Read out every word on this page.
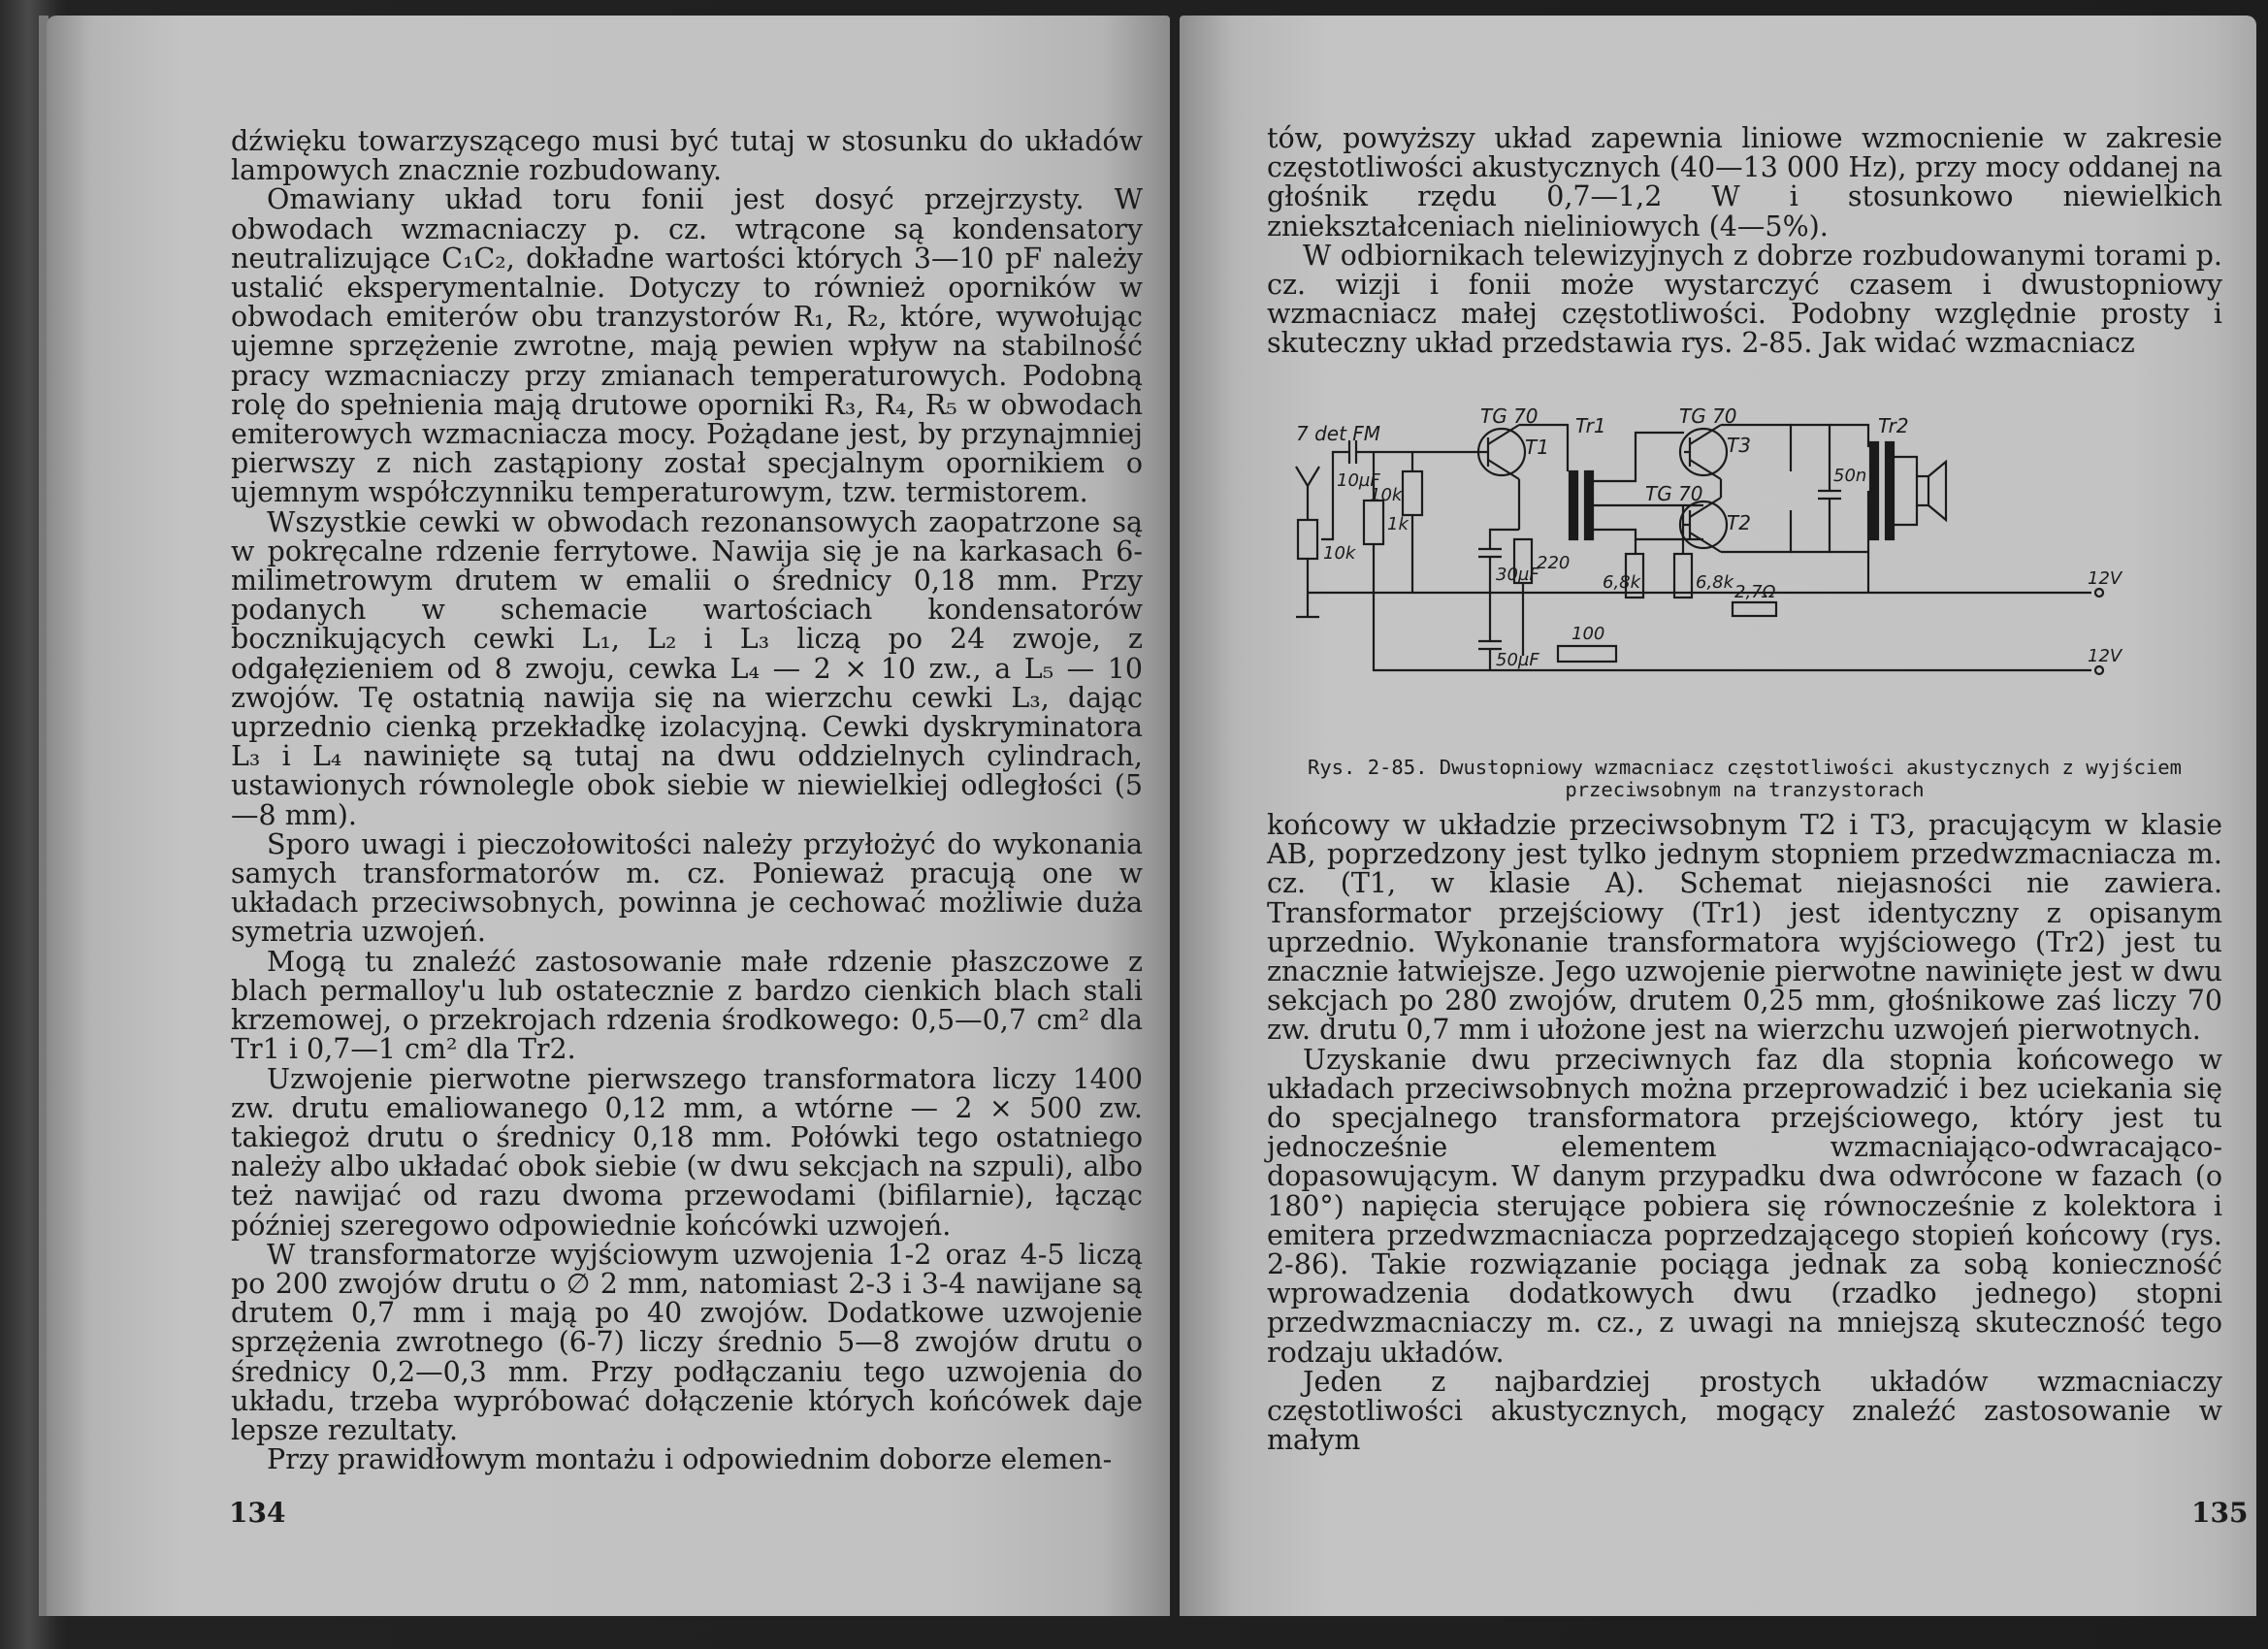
dźwięku towarzyszącego musi być tutaj w stosunku do układów lampowych znacznie rozbudowany.

Omawiany układ toru fonii jest dosyć przejrzysty. W obwodach wzmacniaczy p. cz. wtrącone są kondensatory neutralizujące C₁C₂, dokładne wartości których 3—10 pF należy ustalić eksperymentalnie. Dotyczy to również oporników w obwodach emiterów obu tranzystorów R₁, R₂, które, wywołując ujemne sprzężenie zwrotne, mają pewien wpływ na stabilność pracy wzmacniaczy przy zmianach temperaturowych. Podobną rolę do spełnienia mają drutowe oporniki R₃, R₄, R₅ w obwodach emiterowych wzmacniacza mocy. Pożądane jest, by przynajmniej pierwszy z nich zastąpiony został specjalnym opornikiem o ujemnym współczynniku temperaturowym, tzw. termistorem.

Wszystkie cewki w obwodach rezonansowych zaopatrzone są w pokręcalne rdzenie ferrytowe. Nawija się je na karkasach 6-milimetrowym drutem w emalii o średnicy 0,18 mm. Przy podanych w schemacie wartościach kondensatorów bocznikujących cewki L₁, L₂ i L₃ liczą po 24 zwoje, z odgałęzieniem od 8 zwoju, cewka L₄ — 2 × 10 zw., a L₅ — 10 zwojów. Tę ostatnią nawija się na wierzchu cewki L₃, dając uprzednio cienką przekładkę izolacyjną. Cewki dyskryminatora L₃ i L₄ nawinięte są tutaj na dwu oddzielnych cylindrach, ustawionych równolegle obok siebie w niewielkiej odległości (5—8 mm).

Sporo uwagi i pieczołowitości należy przyłożyć do wykonania samych transformatorów m. cz. Ponieważ pracują one w układach przeciwsobnych, powinna je cechować możliwie duża symetria uzwojeń.

Mogą tu znaleźć zastosowanie małe rdzenie płaszczowe z blach permalloy'u lub ostatecznie z bardzo cienkich blach stali krzemowej, o przekrojach rdzenia środkowego: 0,5—0,7 cm² dla Tr1 i 0,7—1 cm² dla Tr2.

Uzwojenie pierwotne pierwszego transformatora liczy 1400 zw. drutu emaliowanego 0,12 mm, a wtórne — 2 × 500 zw. takiegoż drutu o średnicy 0,18 mm. Połówki tego ostatniego należy albo układać obok siebie (w dwu sekcjach na szpuli), albo też nawijać od razu dwoma przewodami (bifilarnie), łącząc później szeregowo odpowiednie końcówki uzwojeń.

W transformatorze wyjściowym uzwojenia 1-2 oraz 4-5 liczą po 200 zwojów drutu o ∅ 2 mm, natomiast 2-3 i 3-4 nawijane są drutem 0,7 mm i mają po 40 zwojów. Dodatkowe uzwojenie sprzężenia zwrotnego (6-7) liczy średnio 5—8 zwojów drutu o średnicy 0,2—0,3 mm. Przy podłączaniu tego uzwojenia do układu, trzeba wypróbować dołączenie których końcówek daje lepsze rezultaty.

Przy prawidłowym montażu i odpowiednim doborze elemen-

134

tów, powyższy układ zapewnia liniowe wzmocnienie w zakresie częstotliwości akustycznych (40—13 000 Hz), przy mocy oddanej na głośnik rzędu 0,7—1,2 W i stosunkowo niewielkich zniekształceniach nieliniowych (4—5%).

W odbiornikach telewizyjnych z dobrze rozbudowanymi torami p. cz. wizji i fonii może wystarczyć czasem i dwustopniowy wzmacniacz małej częstotliwości. Podobny względnie prosty i skuteczny układ przedstawia rys. 2-85. Jak widać wzmacniacz

7 det FM
10k
10µF
10k
1k
12V
12V
TG 70
T1
30µF
220
50µF
100
Tr1
6,8k	6,8k
TG 70
T3
TG 70
T2
2,7Ω
50n
Tr2
Rys. 2-85. Dwustopniowy wzmacniacz częstotliwości akustycznych z wyjściem przeciwsobnym na tranzystorach

końcowy w układzie przeciwsobnym T2 i T3, pracującym w klasie AB, poprzedzony jest tylko jednym stopniem przedwzmacniacza m. cz. (T1, w klasie A). Schemat niejasności nie zawiera. Transformator przejściowy (Tr1) jest identyczny z opisanym uprzednio. Wykonanie transformatora wyjściowego (Tr2) jest tu znacznie łatwiejsze. Jego uzwojenie pierwotne nawinięte jest w dwu sekcjach po 280 zwojów, drutem 0,25 mm, głośnikowe zaś liczy 70 zw. drutu 0,7 mm i ułożone jest na wierzchu uzwojeń pierwotnych.

Uzyskanie dwu przeciwnych faz dla stopnia końcowego w układach przeciwsobnych można przeprowadzić i bez uciekania się do specjalnego transformatora przejściowego, który jest tu jednocześnie elementem wzmacniająco-odwracająco-dopasowującym. W danym przypadku dwa odwrócone w fazach (o 180°) napięcia sterujące pobiera się równocześnie z kolektora i emitera przedwzmacniacza poprzedzającego stopień końcowy (rys. 2-86). Takie rozwiązanie pociąga jednak za sobą konieczność wprowadzenia dodatkowych dwu (rzadko jednego) stopni przedwzmacniaczy m. cz., z uwagi na mniejszą skuteczność tego rodzaju układów.

Jeden z najbardziej prostych układów wzmacniaczy częstotliwości akustycznych, mogący znaleźć zastosowanie w małym

135
